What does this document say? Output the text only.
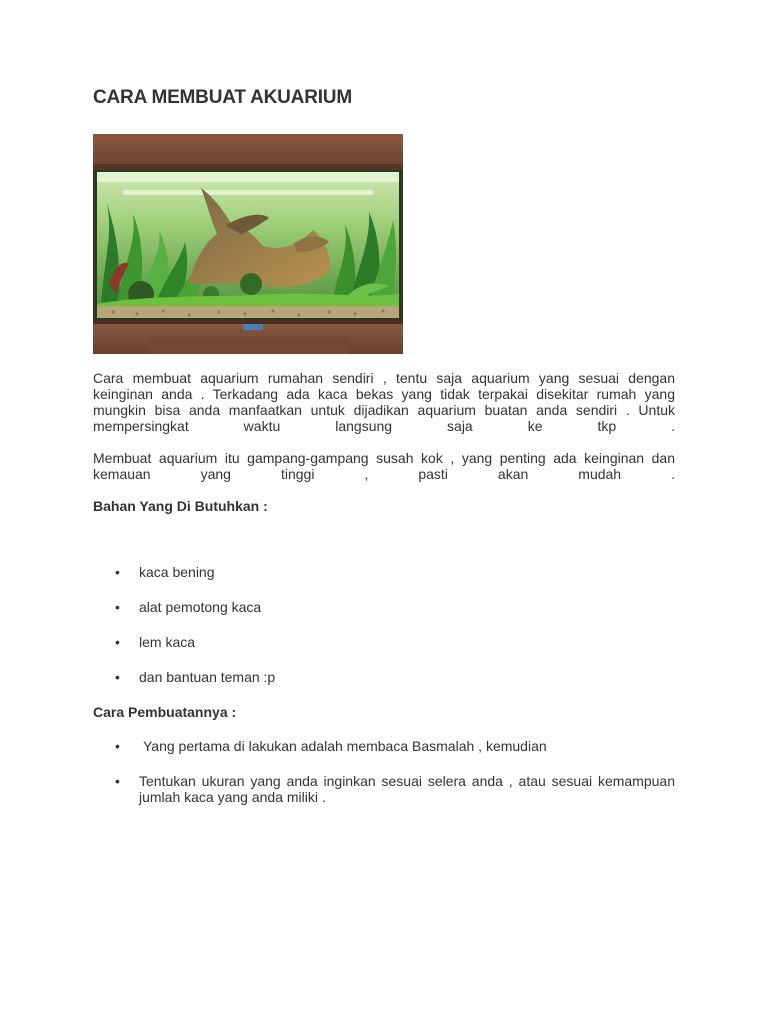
CARA MEMBUAT AKUARIUM

Cara membuat aquarium rumahan sendiri , tentu saja aquarium yang sesuai dengan keinginan anda . Terkadang ada kaca bekas yang tidak terpakai disekitar rumah yang mungkin bisa anda manfaatkan untuk dijadikan aquarium buatan anda sendiri . Untuk mempersingkat waktu langsung saja ke tkp .

Membuat aquarium itu gampang-gampang susah kok , yang penting ada keinginan dan kemauan yang tinggi , pasti akan mudah .

Bahan Yang Di Butuhkan :
• kaca bening
• alat pemotong kaca
• lem kaca
• dan bantuan teman :p
Cara Pembuatannya :
• Yang pertama di lakukan adalah membaca Basmalah , kemudian
• Tentukan ukuran yang anda inginkan sesuai selera anda , atau sesuai kemampuan jumlah kaca yang anda miliki .
